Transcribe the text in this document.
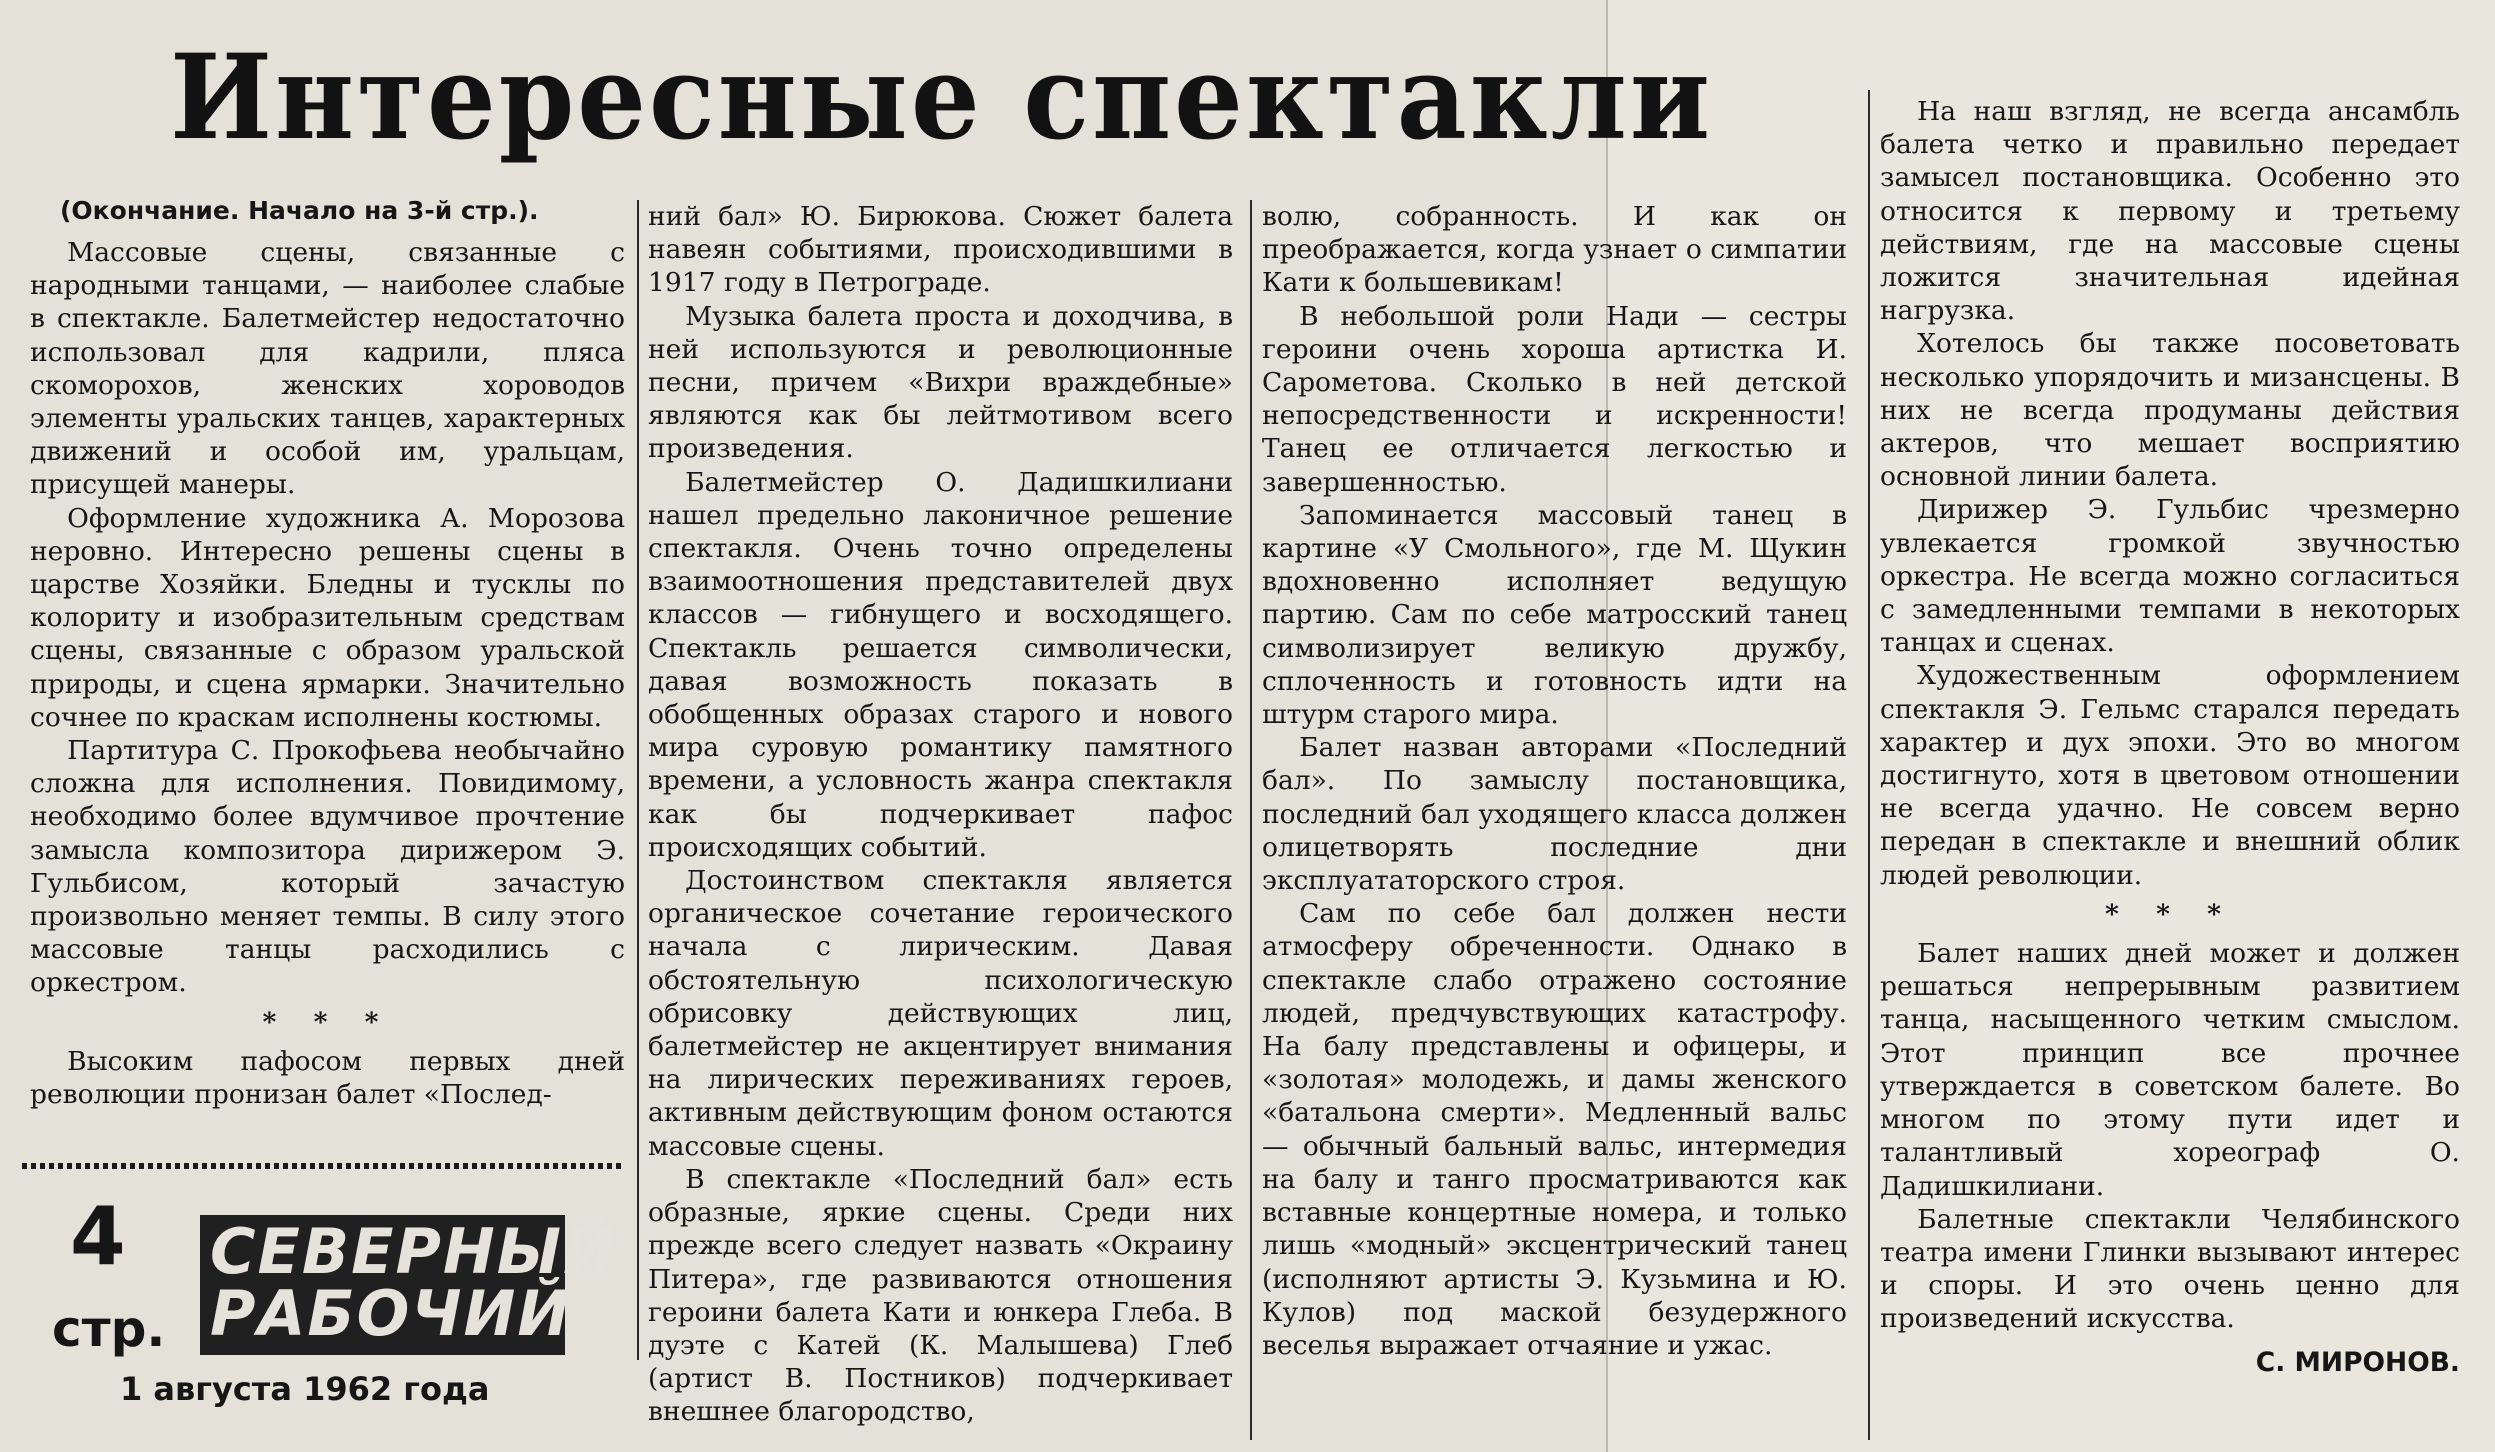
Интересные спектакли
(Окончание. Начало на 3-й стр.).

Массовые сцены, связанные с народными танцами, — наиболее слабые в спектакле. Балетмейстер недостаточно использовал для кадрили, пляса скоморохов, женских хороводов элементы уральских танцев, характерных движений и особой им, уральцам, присущей манеры.

Оформление художника А. Морозова неровно. Интересно решены сцены в царстве Хозяйки. Бледны и тусклы по колориту и изобразительным средствам сцены, связанные с образом уральской природы, и сцена ярмарки. Значительно сочнее по краскам исполнены костюмы.

Партитура С. Прокофьева необычайно сложна для исполнения. Повидимому, необходимо более вдумчивое прочтение замысла композитора дирижером Э. Гульбисом, который зачастую произвольно меняет темпы. В силу этого массовые танцы расходились с оркестром.

* * *

Высоким пафосом первых дней революции пронизан балет «Послед-

ний бал» Ю. Бирюкова. Сюжет балета навеян событиями, происходившими в 1917 году в Петрограде.

Музыка балета проста и доходчива, в ней используются и революционные песни, причем «Вихри враждебные» являются как бы лейтмотивом всего произведения.

Балетмейстер О. Дадишкилиани нашел предельно лаконичное решение спектакля. Очень точно определены взаимоотношения представителей двух классов — гибнущего и восходящего. Спектакль решается символически, давая возможность показать в обобщенных образах старого и нового мира суровую романтику памятного времени, а условность жанра спектакля как бы подчеркивает пафос происходящих событий.

Достоинством спектакля является органическое сочетание героического начала с лирическим. Давая обстоятельную психологическую обрисовку действующих лиц, балетмейстер не акцентирует внимания на лирических переживаниях героев, активным действующим фоном остаются массовые сцены.

В спектакле «Последний бал» есть образные, яркие сцены. Среди них прежде всего следует назвать «Окраину Питера», где развиваются отношения героини балета Кати и юнкера Глеба. В дуэте с Катей (К. Малышева) Глеб (артист В. Постников) подчеркивает внешнее благородство,

волю, собранность. И как он преображается, когда узнает о симпатии Кати к большевикам!

В небольшой роли Нади — сестры героини очень хороша артистка И. Сарометова. Сколько в ней детской непосредственности и искренности! Танец ее отличается легкостью и завершенностью.

Запоминается массовый танец в картине «У Смольного», где М. Щукин вдохновенно исполняет ведущую партию. Сам по себе матросский танец символизирует великую дружбу, сплоченность и готовность идти на штурм старого мира.

Балет назван авторами «Последний бал». По замыслу постановщика, последний бал уходящего класса должен олицетворять последние дни эксплуататорского строя.

Сам по себе бал должен нести атмосферу обреченности. Однако в спектакле слабо отражено состояние людей, предчувствующих катастрофу. На балу представлены и офицеры, и «золотая» молодежь, и дамы женского «батальона смерти». Медленный вальс — обычный бальный вальс, интермедия на балу и танго просматриваются как вставные концертные номера, и только лишь «модный» эксцентрический танец (исполняют артисты Э. Кузьмина и Ю. Кулов) под маской безудержного веселья выражает отчаяние и ужас.

На наш взгляд, не всегда ансамбль балета четко и правильно передает замысел постановщика. Особенно это относится к первому и третьему действиям, где на массовые сцены ложится значительная идейная нагрузка.

Хотелось бы также посоветовать несколько упорядочить и мизансцены. В них не всегда продуманы действия актеров, что мешает восприятию основной линии балета.

Дирижер Э. Гульбис чрезмерно увлекается громкой звучностью оркестра. Не всегда можно согласиться с замедленными темпами в некоторых танцах и сценах.

Художественным оформлением спектакля Э. Гельмс старался передать характер и дух эпохи. Это во многом достигнуто, хотя в цветовом отношении не всегда удачно. Не совсем верно передан в спектакле и внешний облик людей революции.

* * *

Балет наших дней может и должен решаться непрерывным развитием танца, насыщенного четким смыслом. Этот принцип все прочнее утверждается в советском балете. Во многом по этому пути идет и талантливый хореограф О. Дадишкилиани.

Балетные спектакли Челябинского театра имени Глинки вызывают интерес и споры. И это очень ценно для произведений искусства.

С. МИРОНОВ.

4
стр.
СЕВЕРНЫЙ
РАБОЧИЙ
1 августа 1962 года
